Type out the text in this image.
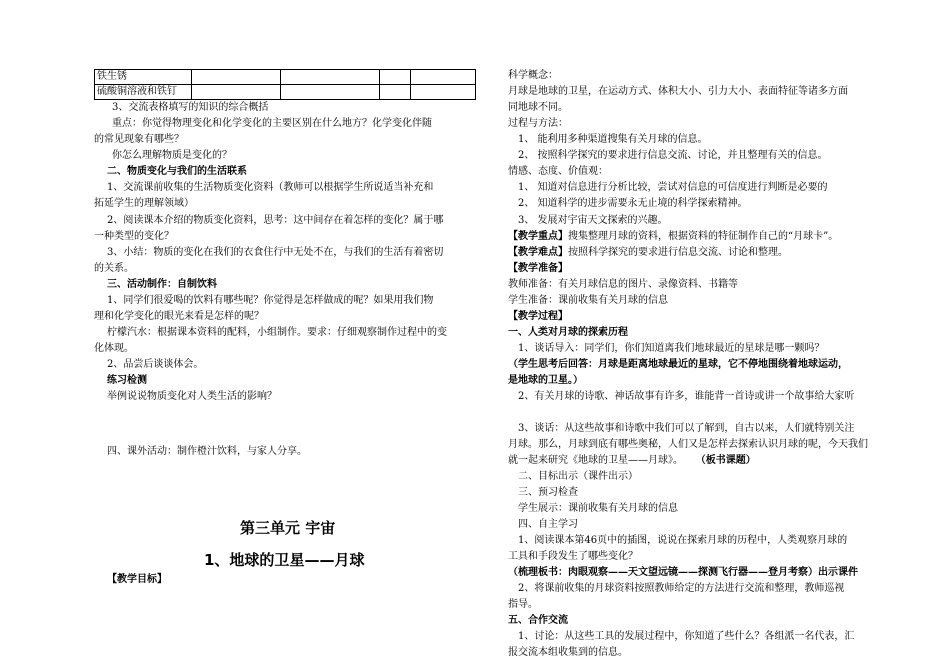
铁生锈				
硫酸铜溶液和铁钉				
3、交流表格填写的知识的综合概括
重点：你觉得物理变化和化学变化的主要区别在什么地方？化学变化伴随
的常见现象有哪些？
你怎么理解物质是变化的？
二、物质变化与我们的生活联系
1、交流课前收集的生活物质变化资料（教师可以根据学生所说适当补充和
拓延学生的理解领域）
2、阅读课本介绍的物质变化资料，思考：这中间存在着怎样的变化？属于哪
一种类型的变化？
3、小结：物质的变化在我们的衣食住行中无处不在，与我们的生活有着密切
的关系。
三、活动制作：自制饮料
1、同学们很爱喝的饮料有哪些呢？你觉得是怎样做成的呢？如果用我们物
理和化学变化的眼光来看是怎样的呢？
柠檬汽水：根据课本资料的配料，小组制作。要求：仔细观察制作过程中的变
化体现。
2、品尝后谈谈体会。
练习检测
举例说说物质变化对人类生活的影响？
四、课外活动：制作橙汁饮料，与家人分享。
第三单元 宇宙
1、地球的卫星——月球
【教学目标】
科学概念：
月球是地球的卫星，在运动方式、体积大小、引力大小、表面特征等诸多方面
同地球不同。
过程与方法：
1、 能利用多种渠道搜集有关月球的信息。
2、 按照科学探究的要求进行信息交流、讨论，并且整理有关的信息。
情感、态度、价值观：
1、 知道对信息进行分析比较，尝试对信息的可信度进行判断是必要的
2、 知道科学的进步需要永无止境的科学探索精神。
3、 发展对宇宙天文探索的兴趣。
【教学重点】搜集整理月球的资料，根据资料的特征制作自己的“月球卡”。
【教学难点】按照科学探究的要求进行信息交流、讨论和整理。
【教学准备】
教师准备：有关月球信息的图片、录像资料、书籍等
学生准备：课前收集有关月球的信息
【教学过程】
一、人类对月球的探索历程
1、谈话导入：同学们，你们知道离我们地球最近的星球是哪一颗吗？
（学生思考后回答：月球是距离地球最近的星球，它不停地围绕着地球运动，
是地球的卫星。）
2、有关月球的诗歌、神话故事有许多，谁能背一首诗或讲一个故事给大家听
3、谈话：从这些故事和诗歌中我们可以了解到，自古以来，人们就特别关注
月球。那么，月球到底有哪些奥秘，人们又是怎样去探索认识月球的呢，今天我们
就一起来研究《地球的卫星——月球》。 （板书课题）
二、目标出示（课件出示）
三、预习检查
学生展示：课前收集有关月球的信息
四、自主学习
1、阅读课本第46页中的插图，说说在探索月球的历程中，人类观察月球的
工具和手段发生了哪些变化？
（梳理板书：肉眼观察——天文望远镜——探测飞行器——登月考察）出示课件
2、将课前收集的月球资料按照教师给定的方法进行交流和整理，教师巡视
指导。
五、合作交流
1、讨论：从这些工具的发展过程中，你知道了些什么？各组派一名代表，汇
报交流本组收集到的信息。
